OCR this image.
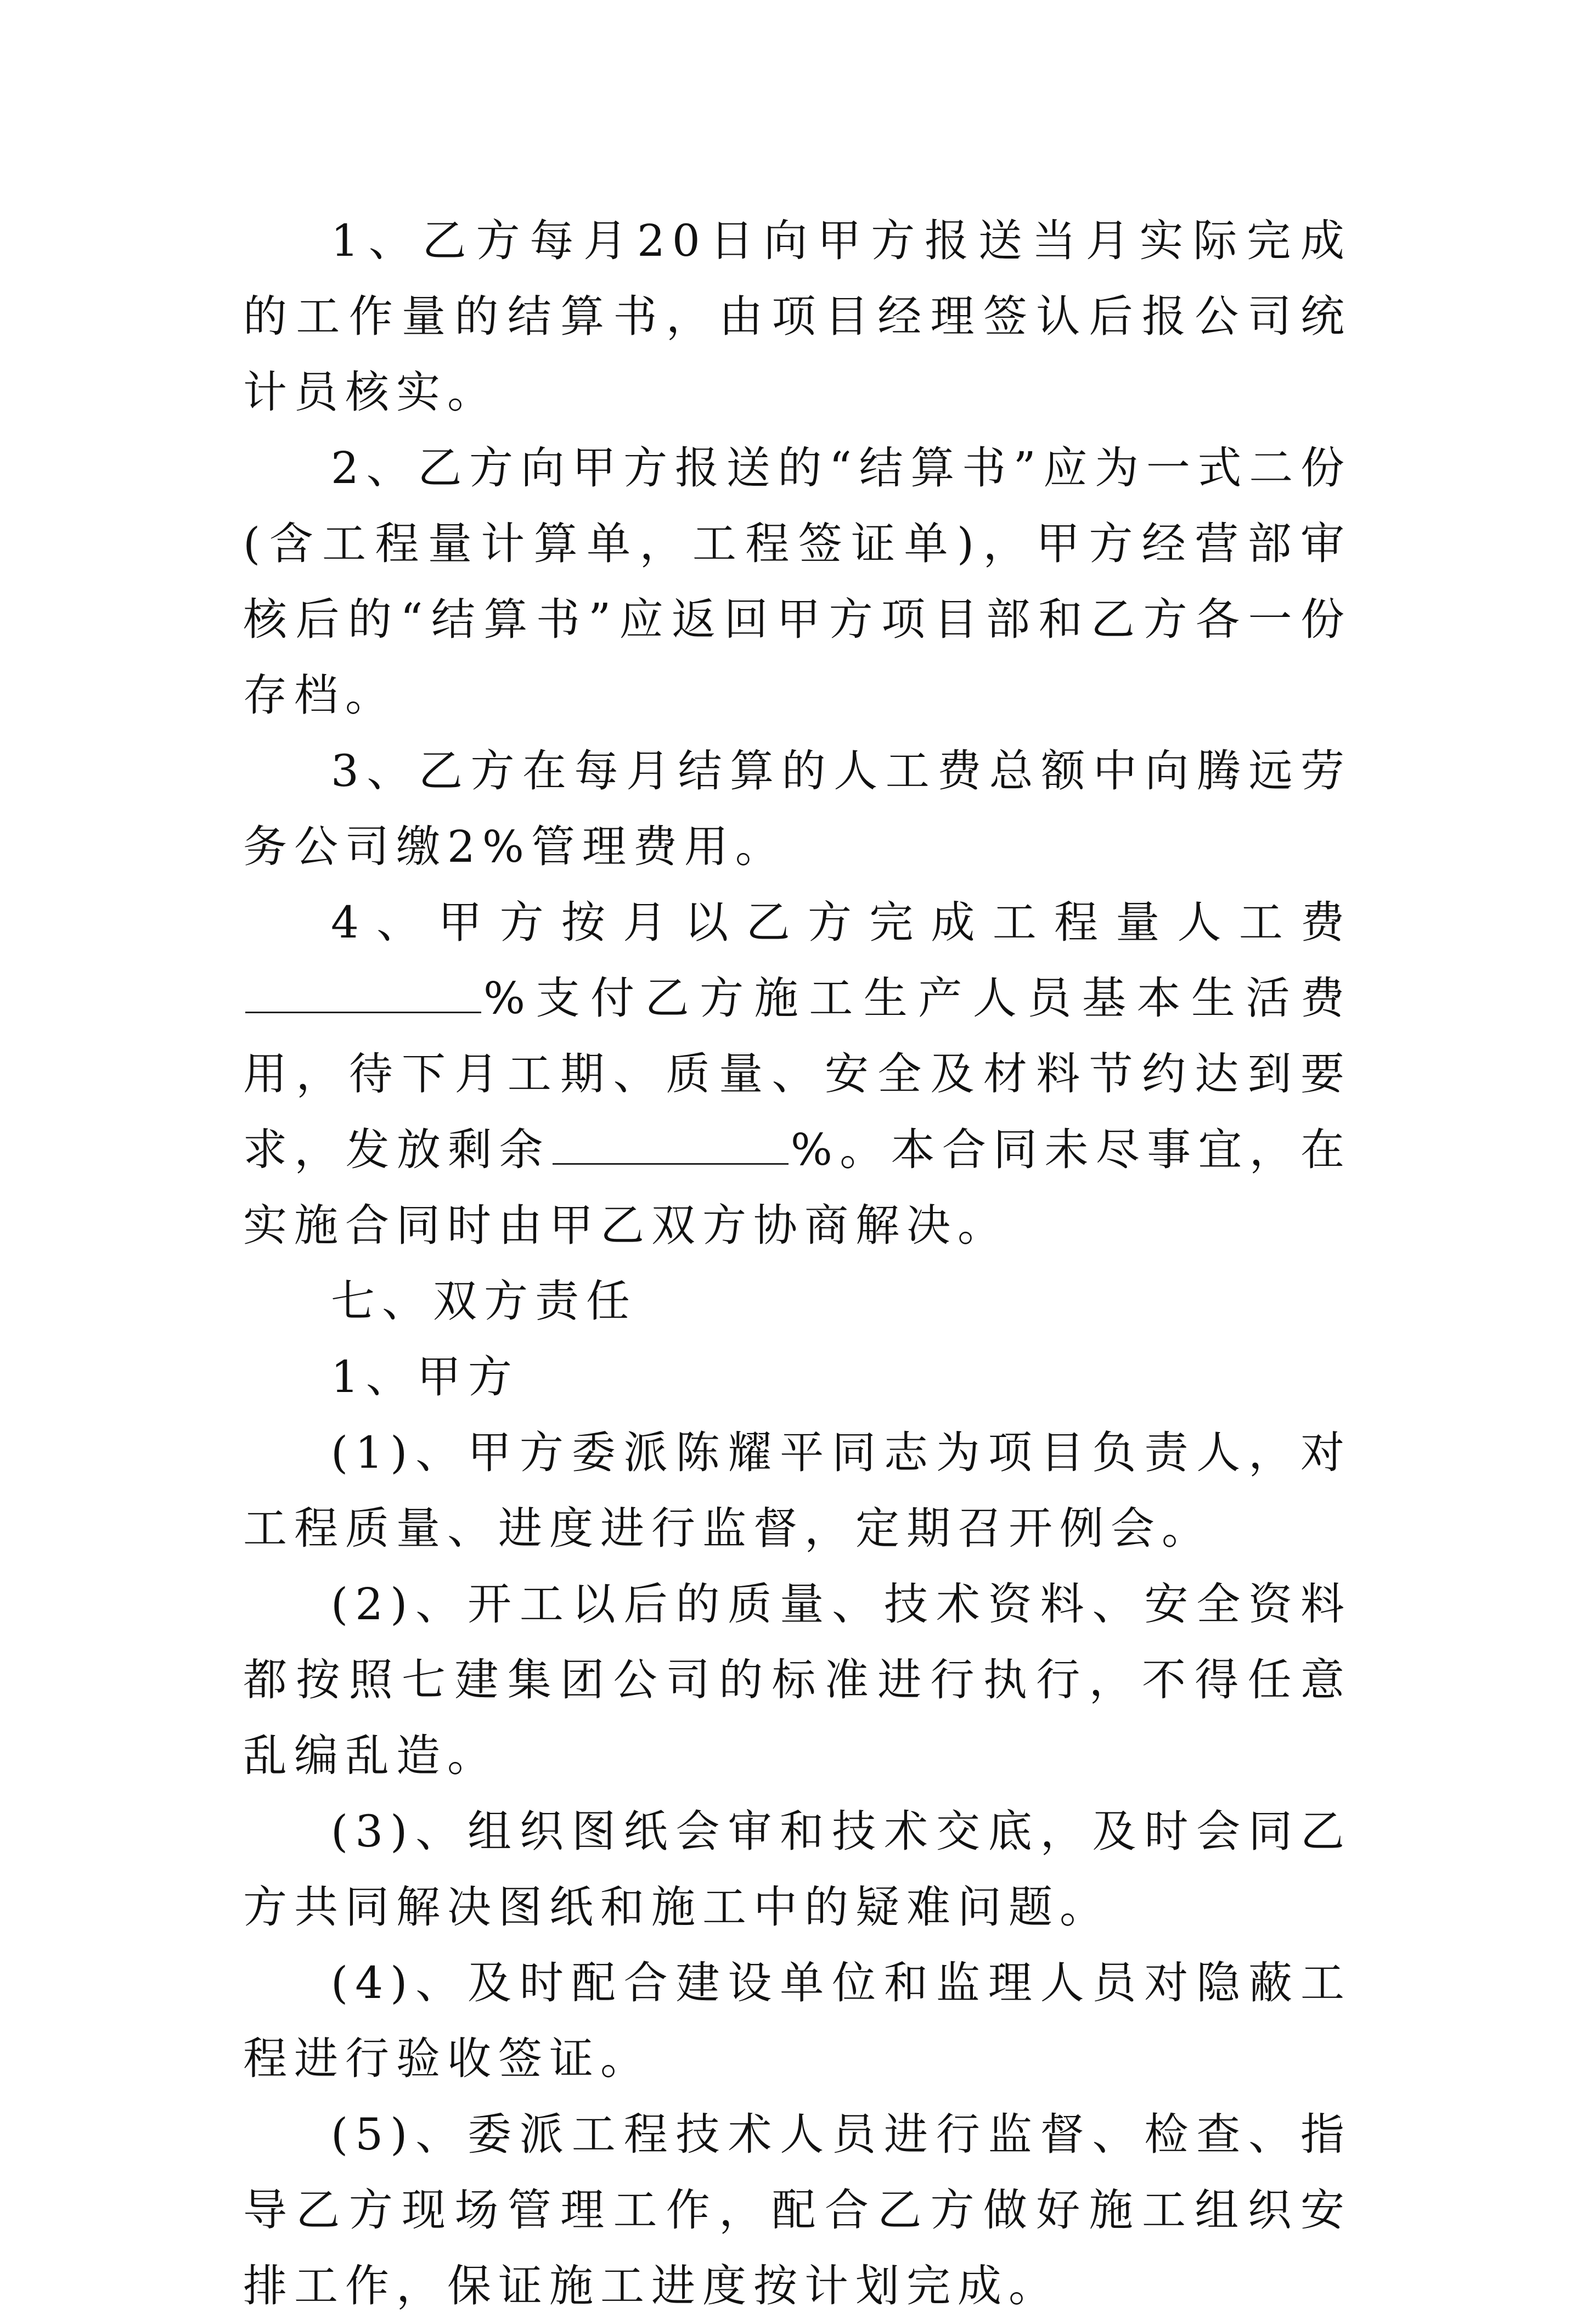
1、乙方每月20日向甲方报送当月实际完成的工作量的结算书，由项目经理签认后报公司统计员核实。

2、乙方向甲方报送的“结算书”应为一式二份(含工程量计算单，工程签证单)，甲方经营部审核后的“结算书”应返回甲方项目部和乙方各一份存档。

3、乙方在每月结算的人工费总额中向腾远劳务公司缴2%管理费用。

4、甲方按月以乙方完成工程量人工费%支付乙方施工生产人员基本生活费用，待下月工期、质量、安全及材料节约达到要求，发放剩余	%。本合同未尽事宜，在实施合同时由甲乙双方协商解决。

七、双方责任

1、甲方

(1)、甲方委派陈耀平同志为项目负责人，对工程质量、进度进行监督，定期召开例会。

(2)、开工以后的质量、技术资料、安全资料都按照七建集团公司的标准进行执行，不得任意乱编乱造。

(3)、组织图纸会审和技术交底，及时会同乙方共同解决图纸和施工中的疑难问题。

(4)、及时配合建设单位和监理人员对隐蔽工程进行验收签证。

(5)、委派工程技术人员进行监督、检查、指导乙方现场管理工作，配合乙方做好施工组织安排工作，保证施工进度按计划完成。
